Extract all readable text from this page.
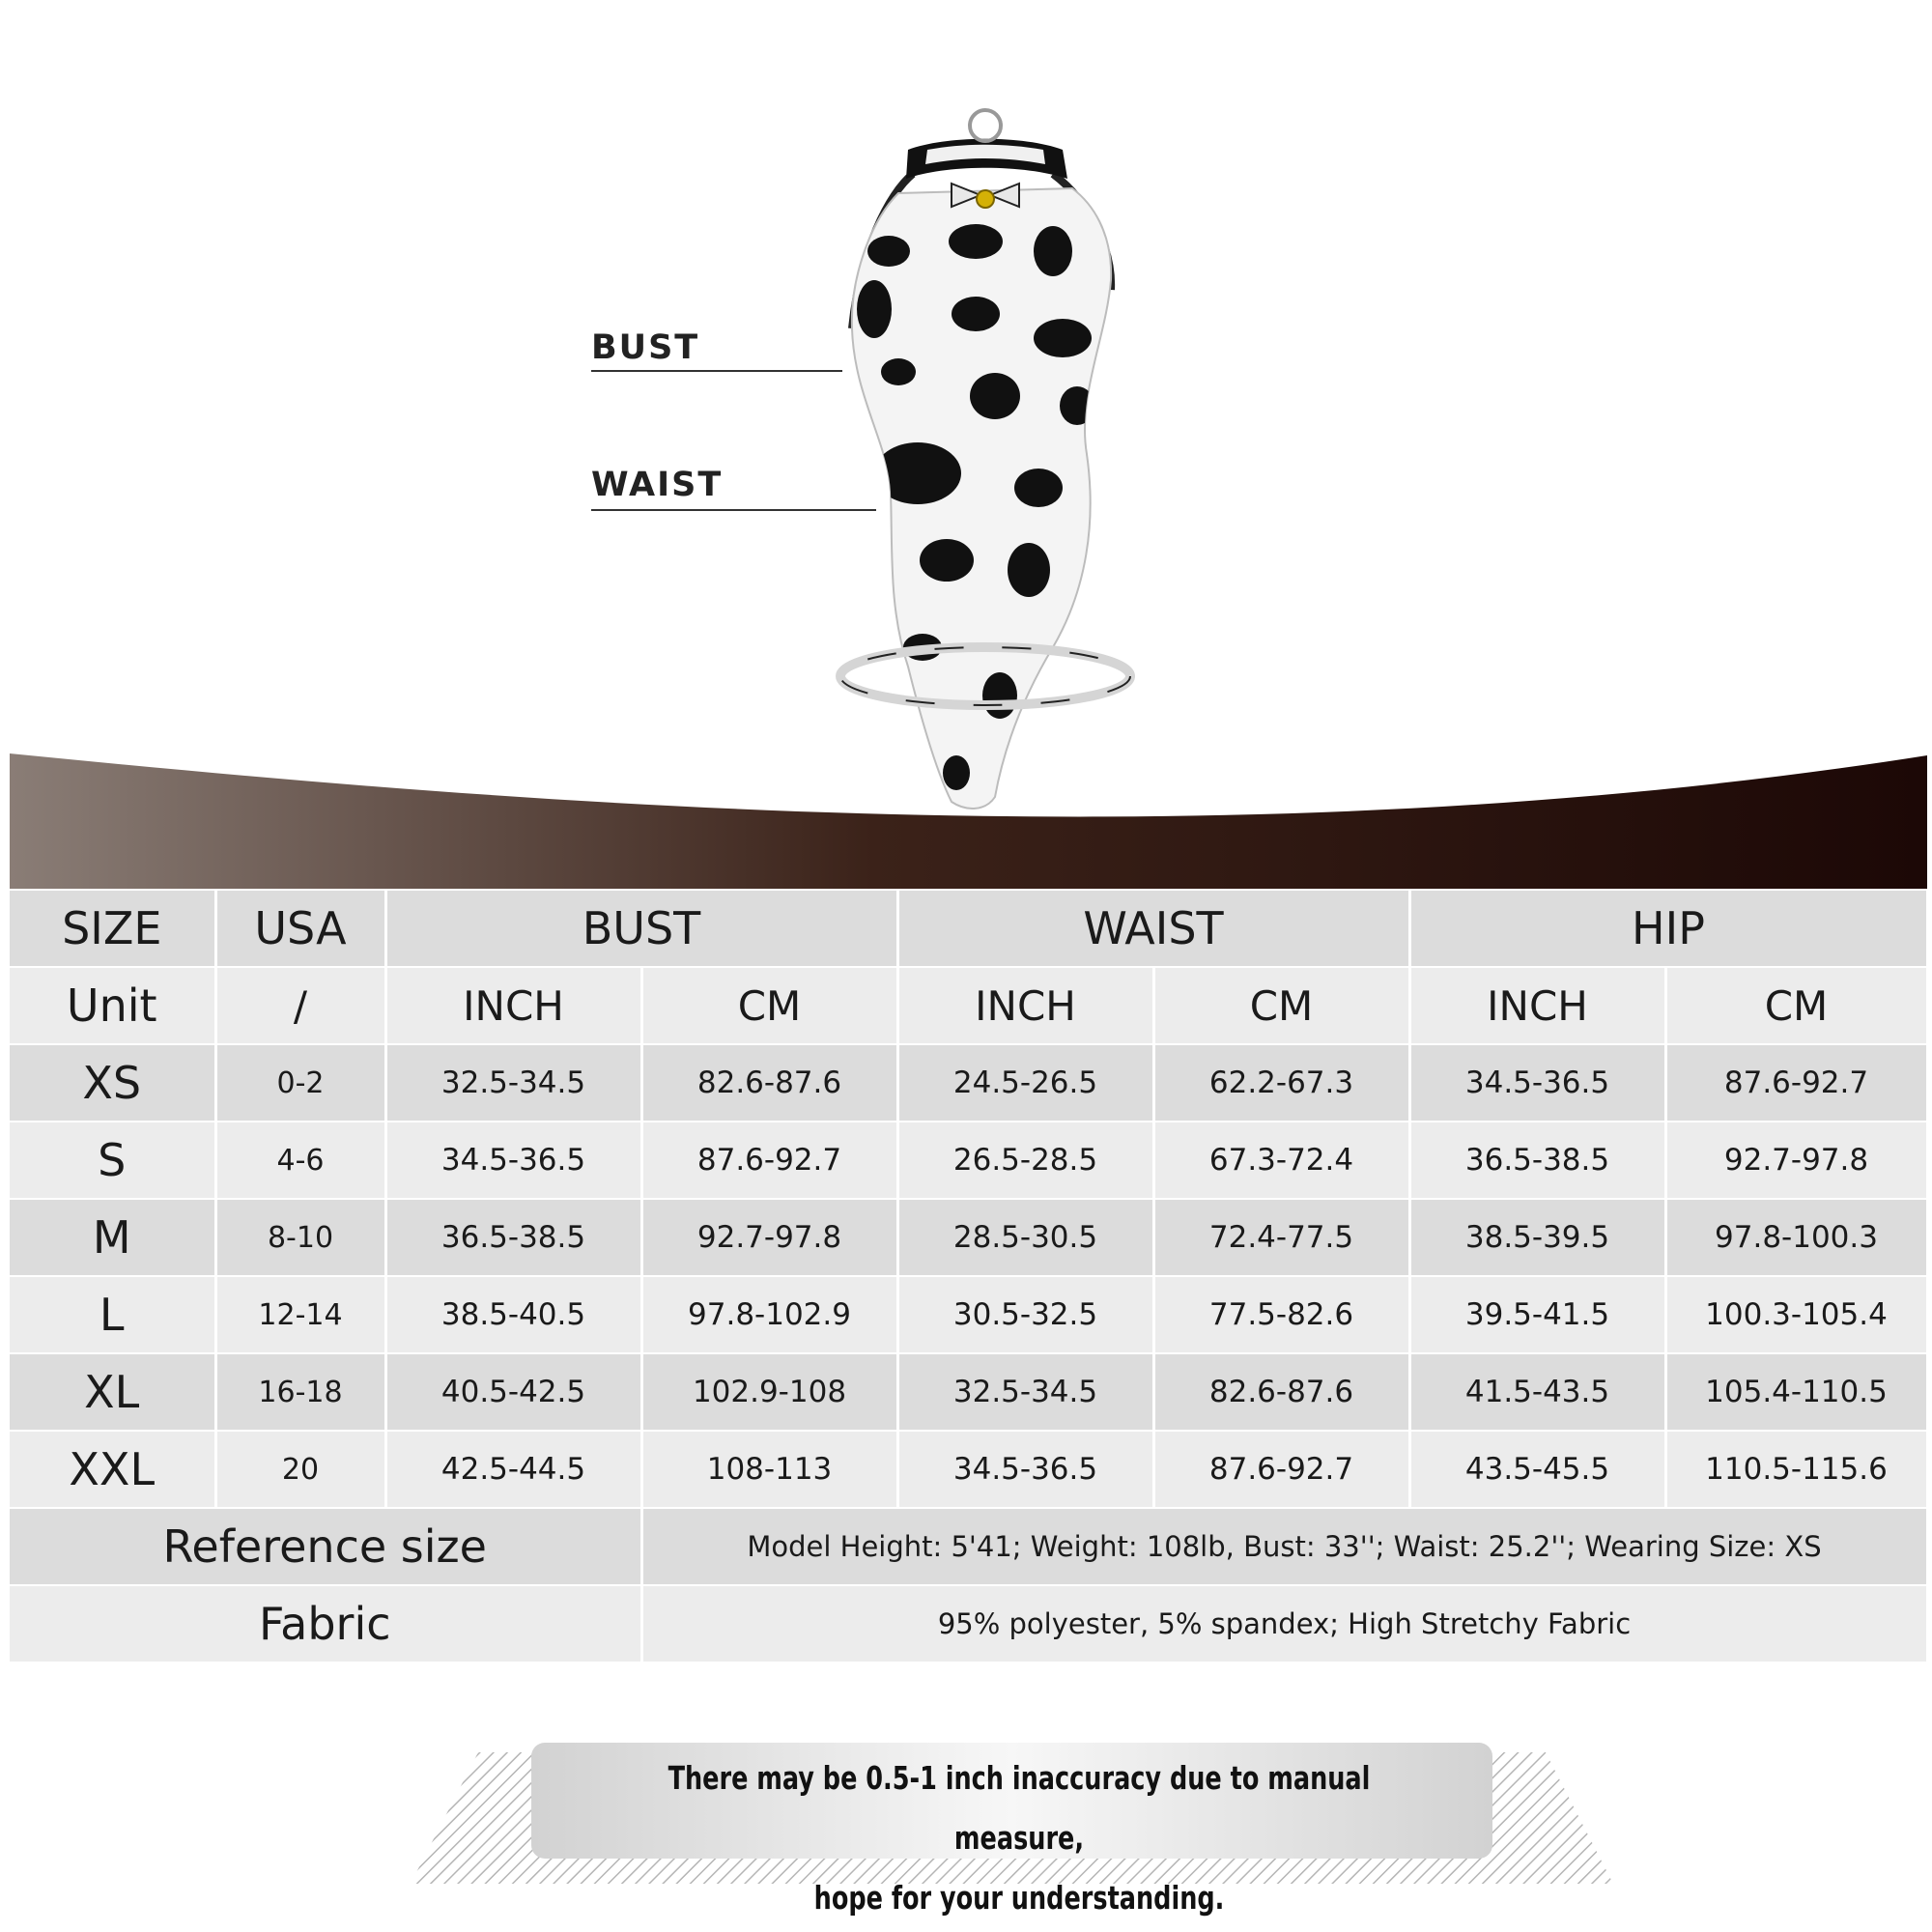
BUST
WAIST
SIZE	USA	BUST		WAIST		HIP	
Unit	/	INCH	CM	INCH	CM	INCH	CM
XS	0-2	32.5-34.5	82.6-87.6	24.5-26.5	62.2-67.3	34.5-36.5	87.6-92.7
S	4-6	34.5-36.5	87.6-92.7	26.5-28.5	67.3-72.4	36.5-38.5	92.7-97.8
M	8-10	36.5-38.5	92.7-97.8	28.5-30.5	72.4-77.5	38.5-39.5	97.8-100.3
L	12-14	38.5-40.5	97.8-102.9	30.5-32.5	77.5-82.6	39.5-41.5	100.3-105.4
XL	16-18	40.5-42.5	102.9-108	32.5-34.5	82.6-87.6	41.5-43.5	105.4-110.5
XXL	20	42.5-44.5	108-113	34.5-36.5	87.6-92.7	43.5-45.5	110.5-115.6
Reference size			Model Height: 5'41; Weight: 108lb, Bust: 33''; Waist: 25.2''; Wearing Size: XS				
Fabric			95% polyester, 5% spandex; High Stretchy Fabric				
There may be 0.5-1 inch inaccuracy due to manual measure,
hope for your understanding.
